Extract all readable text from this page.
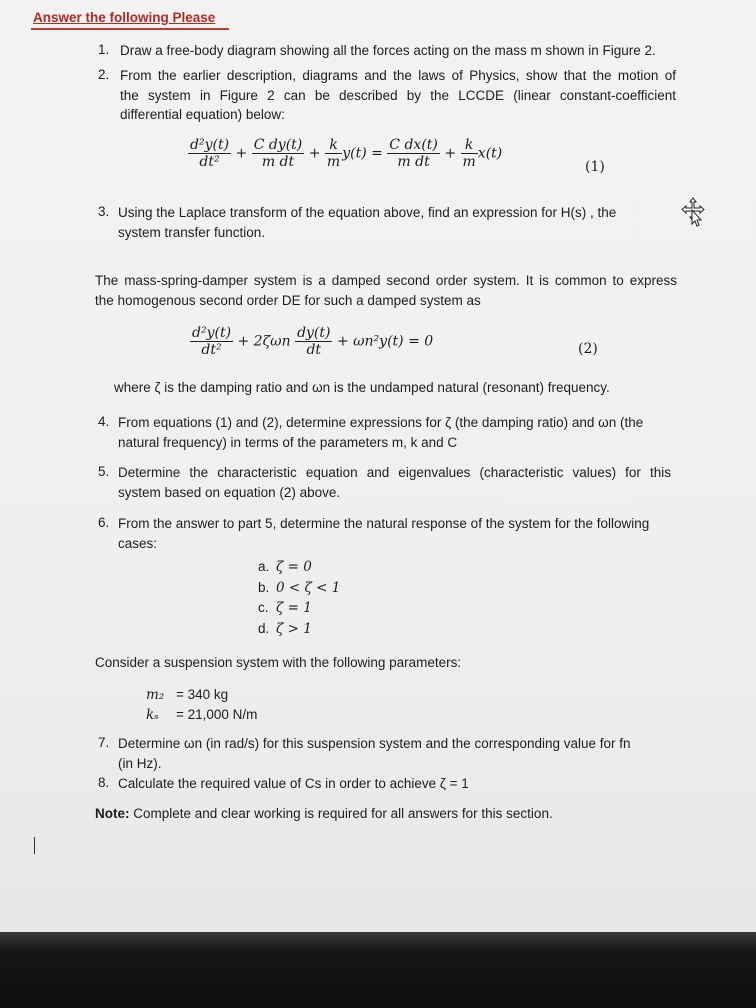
Answer the following Please
1. Draw a free-body diagram showing all the forces acting on the mass m shown in Figure 2.
2. From the earlier description, diagrams and the laws of Physics, show that the motion of
the system in Figure 2 can be described by the LCCDE (linear constant-coefficient
differential equation) below:
$\frac{\text{d²y(t)}}{\text{dt²}} + \frac{\text{C dy(t)}}{\text{m dt}} + \frac{k}{m} y(t) = \frac{\text{C dx(t)}}{\text{m dt}} + \frac{k}{m} x(t)$
(1)
3. Using the Laplace transform of the equation above, find an expression for H(s) , the
system transfer function.
The mass-spring-damper system is a damped second order system. It is common to express
the homogenous second order DE for such a damped system as
$\frac{\text{d²y(t)}}{\text{dt²}} + 2\zeta\omega n \frac{dy(t)}{dt} + \omega n^2y(t) = 0$	(2)
where ζ is the damping ratio and ωn is the undamped natural (resonant) frequency.
4. From equations (1) and (2), determine expressions for ζ (the damping ratio) and ωn (the
natural frequency) in terms of the parameters m, k and C
5. Determine the characteristic equation and eigenvalues (characteristic values) for this
system based on equation (2) above.
6. From the answer to part 5, determine the natural response of the system for the following
cases:
a. ζ = 0
b. 0 < ζ < 1
c. ζ = 1
d. ζ > 1
Consider a suspension system with the following parameters:
m₂ = 340 kg
kₛ = 21,000 N/m
7. Determine ωn (in rad/s) for this suspension system and the corresponding value for fn
(in Hz).
8. Calculate the required value of Cs in order to achieve ζ = 1
Note: Complete and clear working is required for all answers for this section.
